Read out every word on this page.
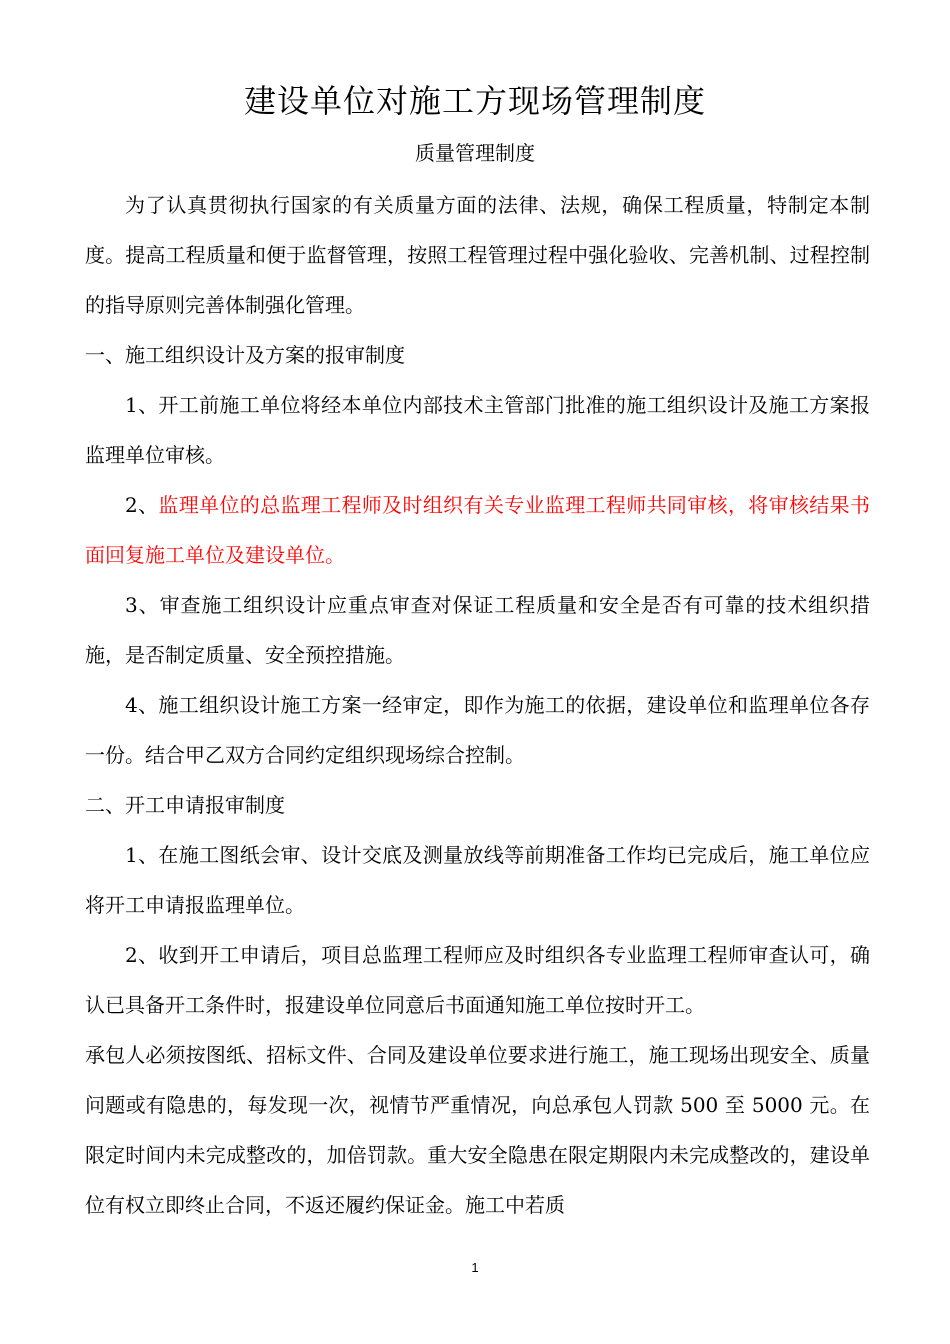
建设单位对施工方现场管理制度
质量管理制度

为了认真贯彻执行国家的有关质量方面的法律、法规，确保工程质量，特制定本制度。提高工程质量和便于监督管理，按照工程管理过程中强化验收、完善机制、过程控制的指导原则完善体制强化管理。

一、施工组织设计及方案的报审制度

1、开工前施工单位将经本单位内部技术主管部门批准的施工组织设计及施工方案报监理单位审核。

2、监理单位的总监理工程师及时组织有关专业监理工程师共同审核，将审核结果书面回复施工单位及建设单位。

3、审查施工组织设计应重点审查对保证工程质量和安全是否有可靠的技术组织措施，是否制定质量、安全预控措施。

4、施工组织设计施工方案一经审定，即作为施工的依据，建设单位和监理单位各存一份。结合甲乙双方合同约定组织现场综合控制。

二、开工申请报审制度

1、在施工图纸会审、设计交底及测量放线等前期准备工作均已完成后，施工单位应将开工申请报监理单位。

2、收到开工申请后，项目总监理工程师应及时组织各专业监理工程师审查认可，确认已具备开工条件时，报建设单位同意后书面通知施工单位按时开工。

承包人必须按图纸、招标文件、合同及建设单位要求进行施工，施工现场出现安全、质量问题或有隐患的，每发现一次，视情节严重情况，向总承包人罚款 500 至 5000 元。在限定时间内未完成整改的，加倍罚款。重大安全隐患在限定期限内未完成整改的，建设单位有权立即终止合同，不返还履约保证金。施工中若质

1
